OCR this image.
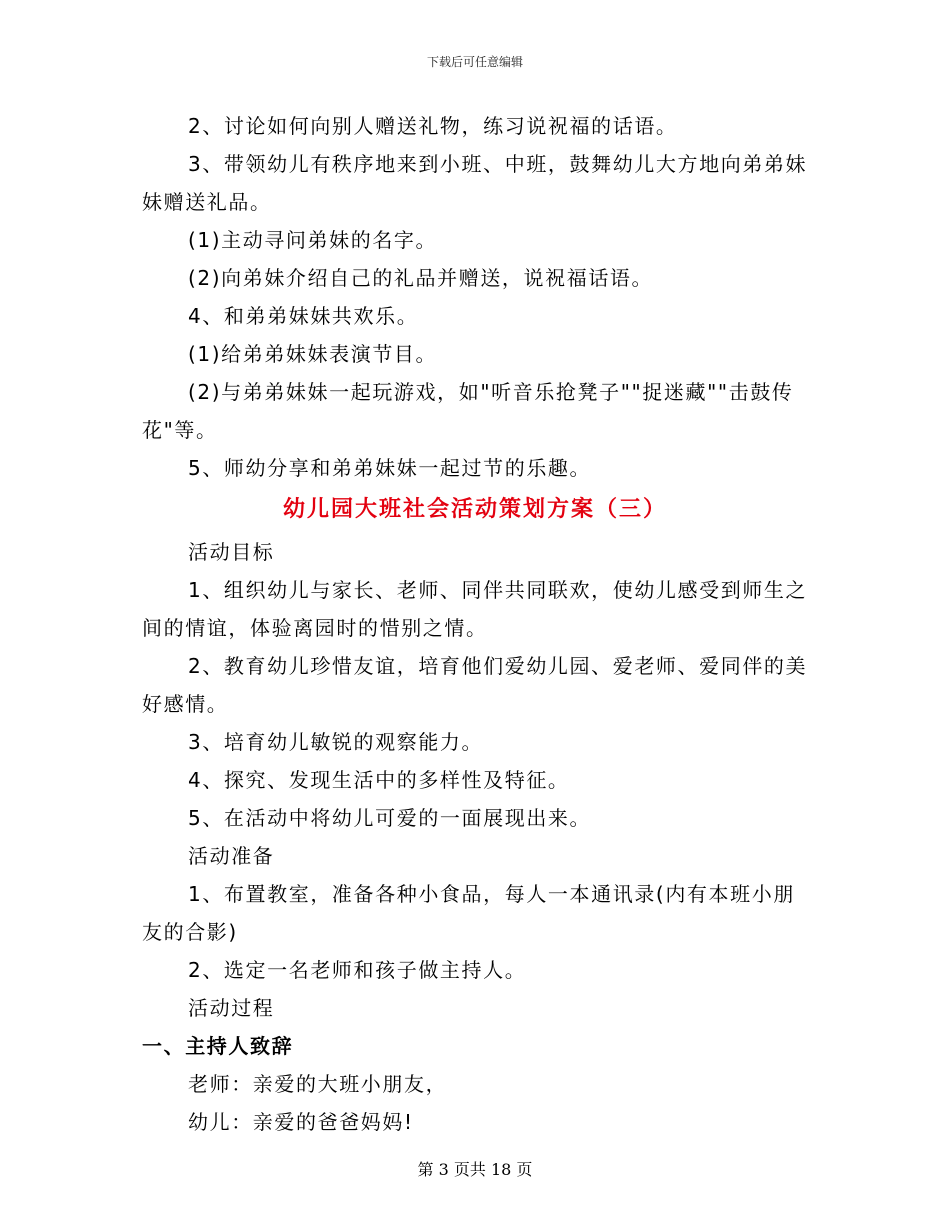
下载后可任意编辑

2、讨论如何向别人赠送礼物，练习说祝福的话语。

3、带领幼儿有秩序地来到小班、中班，鼓舞幼儿大方地向弟弟妹妹赠送礼品。

(1)主动寻问弟妹的名字。

(2)向弟妹介绍自己的礼品并赠送，说祝福话语。

4、和弟弟妹妹共欢乐。

(1)给弟弟妹妹表演节目。

(2)与弟弟妹妹一起玩游戏，如"听音乐抢凳子""捉迷藏""击鼓传花"等。

5、师幼分享和弟弟妹妹一起过节的乐趣。

幼儿园大班社会活动策划方案（三）

活动目标

1、组织幼儿与家长、老师、同伴共同联欢，使幼儿感受到师生之间的情谊，体验离园时的惜别之情。

2、教育幼儿珍惜友谊，培育他们爱幼儿园、爱老师、爱同伴的美好感情。

3、培育幼儿敏锐的观察能力。

4、探究、发现生活中的多样性及特征。

5、在活动中将幼儿可爱的一面展现出来。

活动准备

1、布置教室，准备各种小食品，每人一本通讯录(内有本班小朋友的合影)

2、选定一名老师和孩子做主持人。

活动过程

一、主持人致辞

老师：亲爱的大班小朋友，

幼儿：亲爱的爸爸妈妈!

第 3 页共 18 页
